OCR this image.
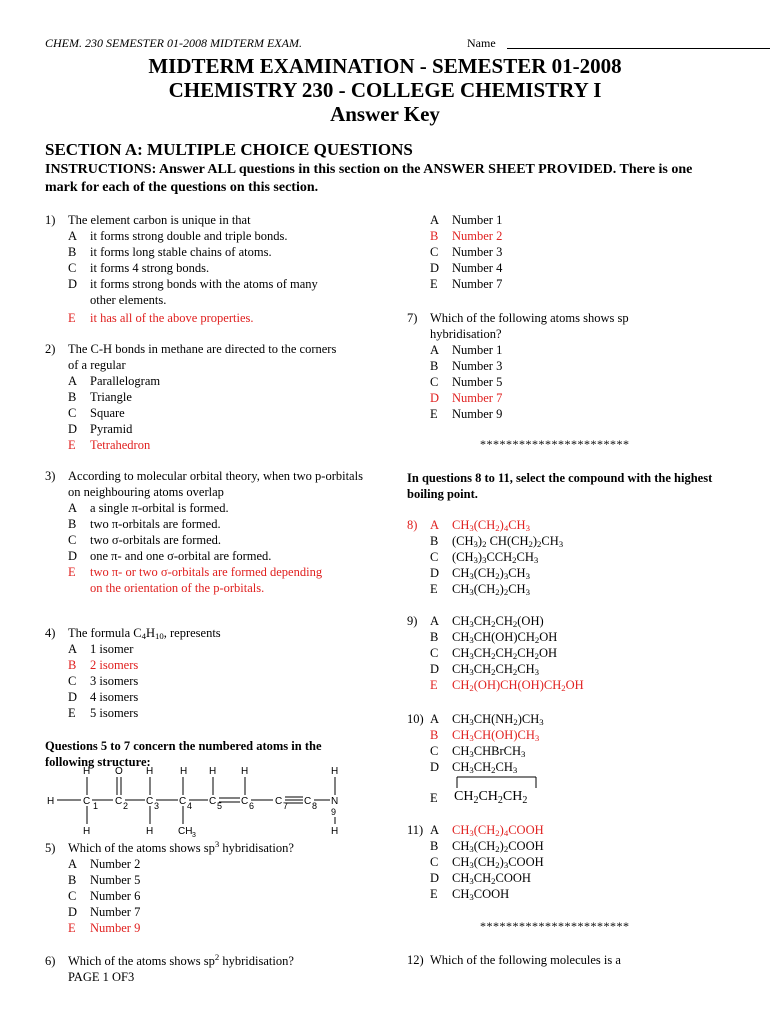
CHEM. 230 SEMESTER 01-2008 MIDTERM EXAM.	Name
MIDTERM EXAMINATION - SEMESTER 01-2008
CHEMISTRY 230 - COLLEGE CHEMISTRY I
Answer Key
SECTION A: MULTIPLE CHOICE QUESTIONS
INSTRUCTIONS: Answer ALL questions in this section on the ANSWER SHEET PROVIDED. There is one mark for each of the questions on this section.
1) The element carbon is unique in that
A it forms strong double and triple bonds.
B it forms long stable chains of atoms.
C it forms 4 strong bonds.
D it forms strong bonds with the atoms of many other elements.
E it has all of the above properties.
2) The C-H bonds in methane are directed to the corners of a regular
A Parallelogram
B Triangle
C Square
D Pyramid
E Tetrahedron
3) According to molecular orbital theory, when two p-orbitals on neighbouring atoms overlap
A a single π-orbital is formed.
B two π-orbitals are formed.
C two σ-orbitals are formed.
D one π- and one σ-orbital are formed.
E two π- or two σ-orbitals are formed depending on the orientation of the p-orbitals.
4) The formula $C_4H_{10}$, represents
A 1 isomer
B 2 isomers
C 3 isomers
D 4 isomers
E 5 isomers
Questions 5 to 7 concern the numbered atoms in the following structure:
H O H	H H H	H
H	C 1 C 2 C 3 C 4 C 5 C 6 C 7 C 8 N
9
H	H CH 3	H
5) Which of the atoms shows $sp^3$ hybridisation?
A Number 2
B Number 5
C Number 6
D Number 7
E Number 9
6) Which of the atoms shows $sp^2$ hybridisation?
PAGE 1 OF3
A Number 1
B Number 2
C Number 3
D Number 4
E Number 7
7) Which of the following atoms shows sp hybridisation?
A Number 1
B Number 3
C Number 5
D Number 7
E Number 9
***********************
In questions 8 to 11, select the compound with the highest boiling point.
8) A $CH_3(CH_2)_4CH_3$
B $(CH_3)_2$ $CH(CH_2)_2CH_3$
C $(CH_3)_3CCH_2CH_3$
D $CH_3(CH_2)_3CH_3$
E $CH_3(CH_2)_2CH_3$
9) A $CH_3CH_2CH_2(OH)$
B $CH_3CH(OH)CH_2OH$
C $CH_3CH_2CH_2CH_2OH$
D $CH_3CH_2CH_2CH_3$
E $CH_2(OH)CH(OH)CH_2OH$
10) A $CH_3CH(NH_2)CH_3$
B $CH_3CH(OH)CH_3$
C $CH_3CHBrCH_3$
D $CH_3CH_2CH_3$
E $CH_2CH_2CH_2$
11) A $CH_3(CH_2)_4COOH$
B $CH_3(CH_2)_2COOH$
C $CH_3(CH_2)_3COOH$
D $CH_3CH_2COOH$
E $CH_3COOH$
***********************
12) Which of the following molecules is a
